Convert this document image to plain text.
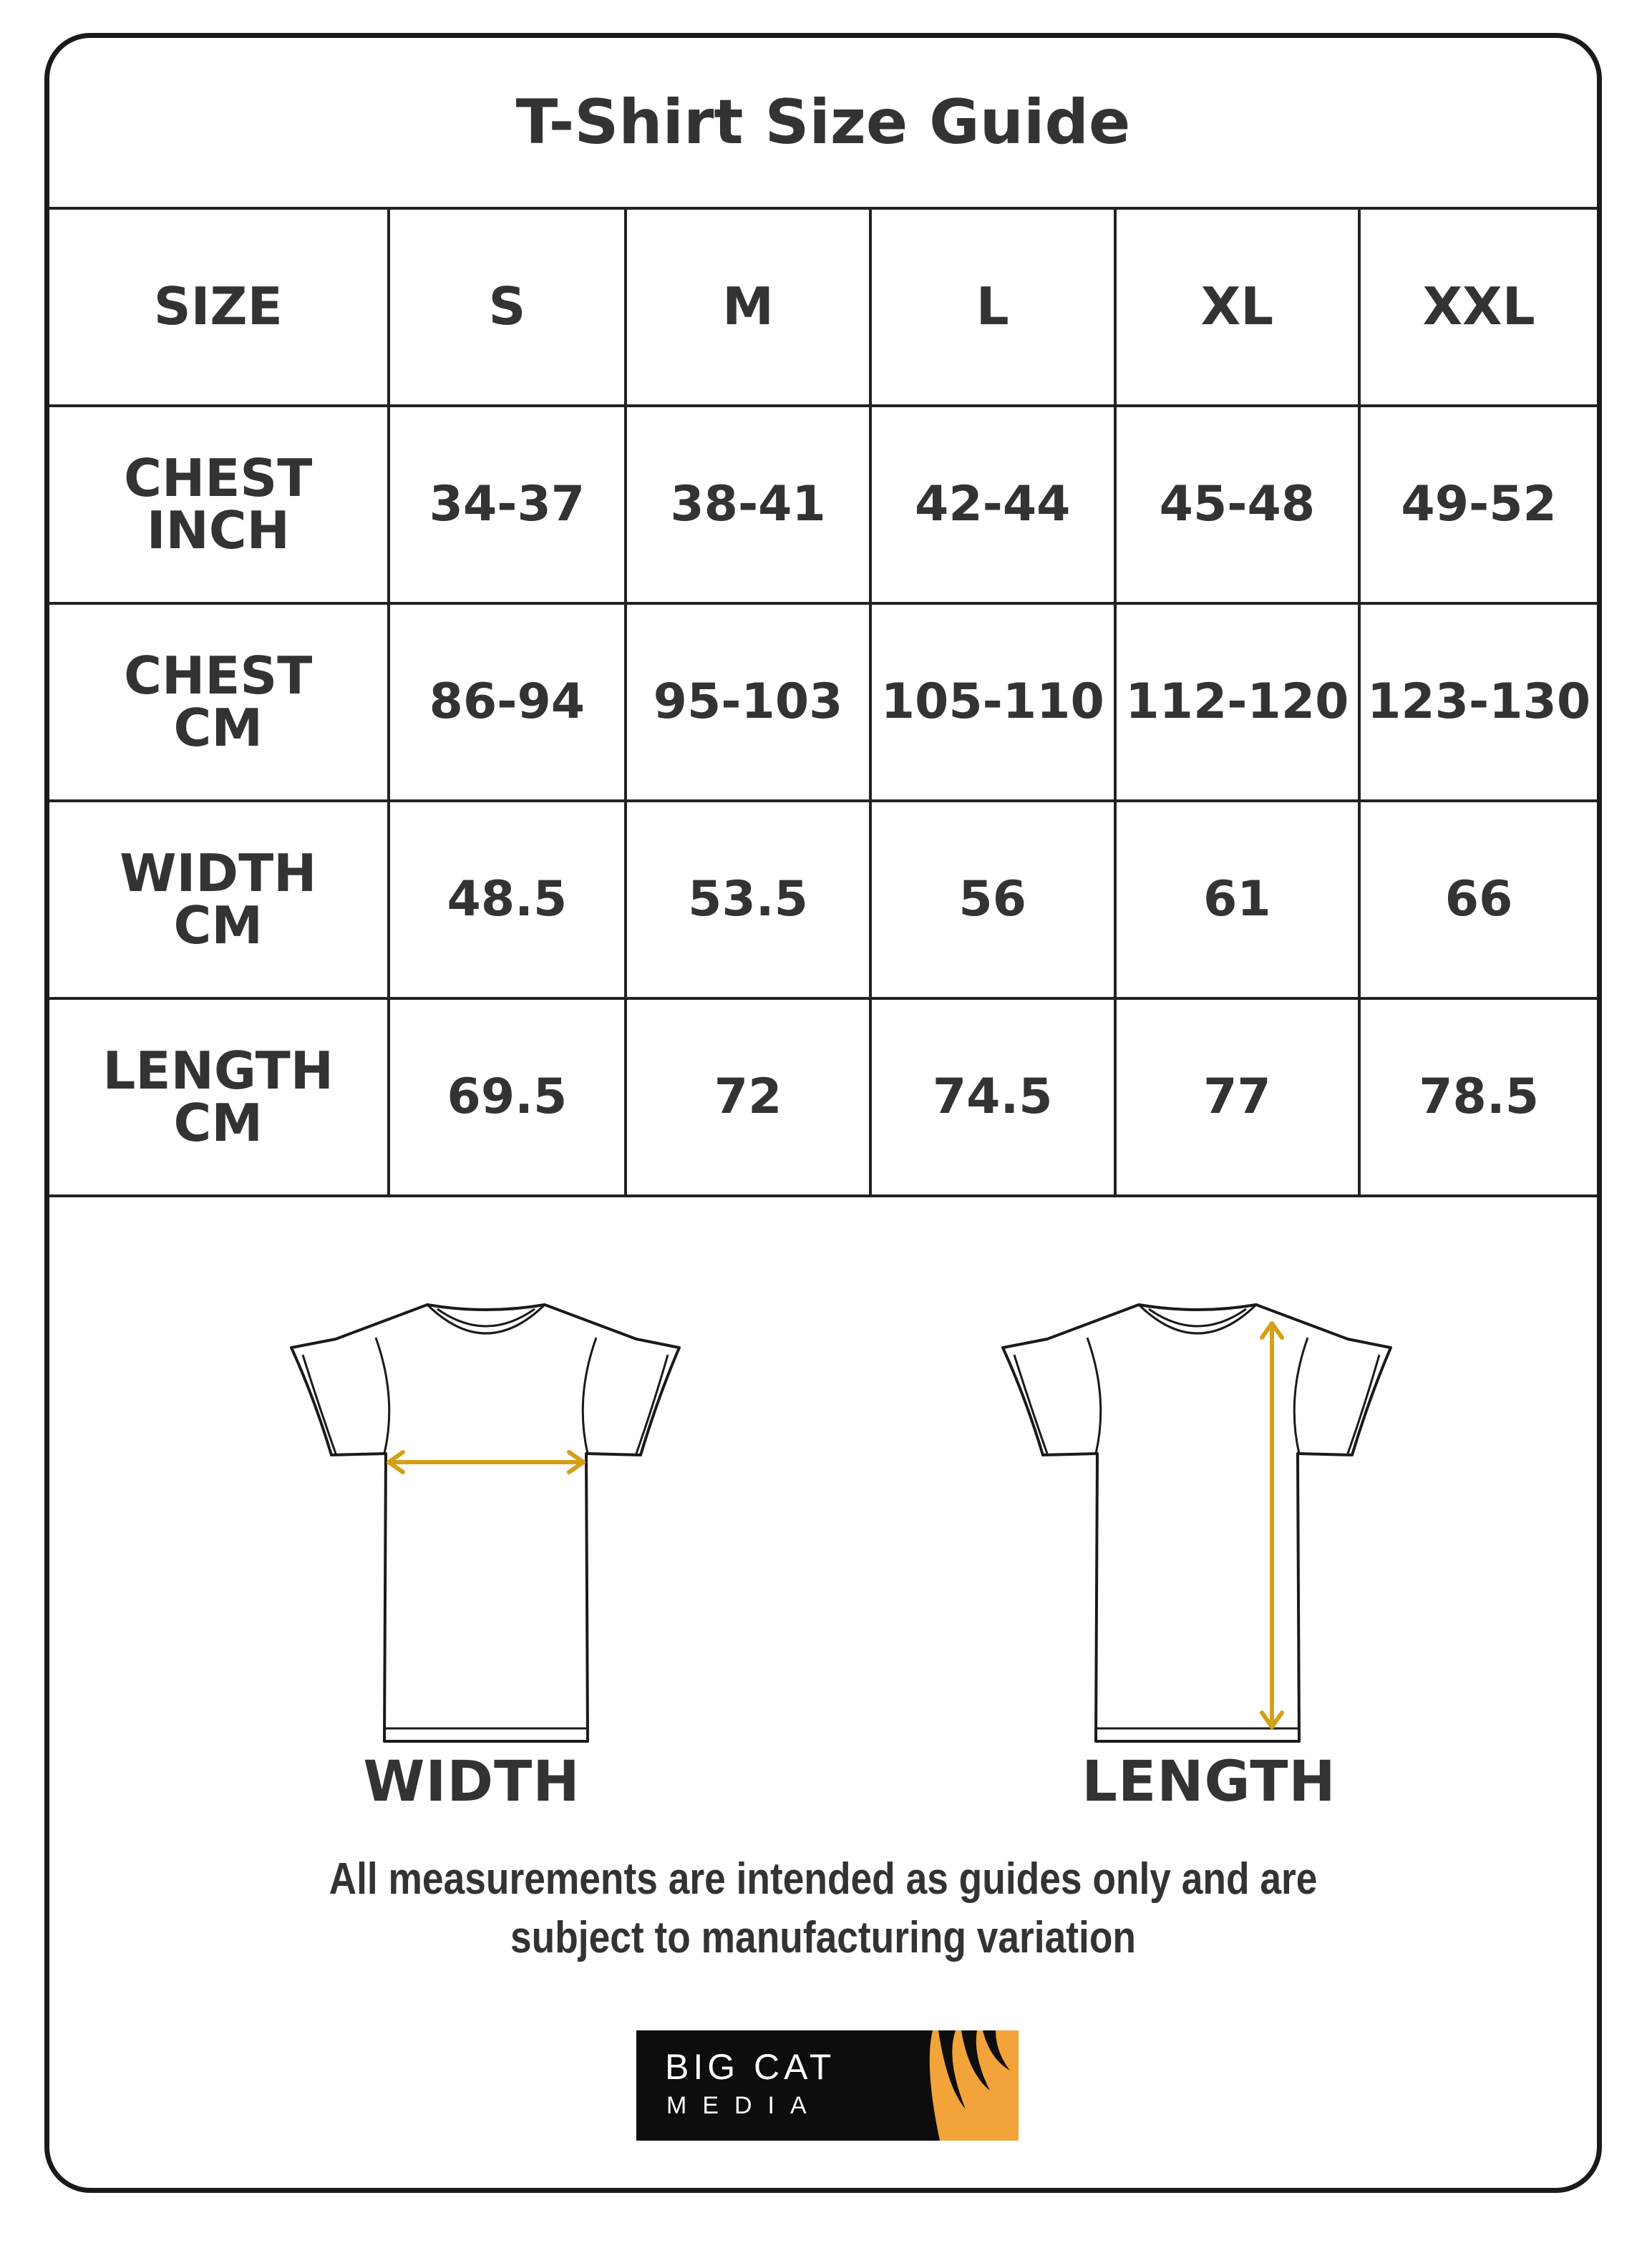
T-Shirt Size Guide
SIZE	S	M	L	XL	XXL
CHEST
INCH	34-37	38-41	42-44	45-48	49-52
CHEST
CM	86-94	95-103	105-110	112-120	123-130
WIDTH
CM	48.5	53.5	56	61	66
LENGTH
CM	69.5	72	74.5	77	78.5
WIDTH	LENGTH
All measurements are intended as guides only and are
subject to manufacturing variation
BIG CAT
MEDIA
